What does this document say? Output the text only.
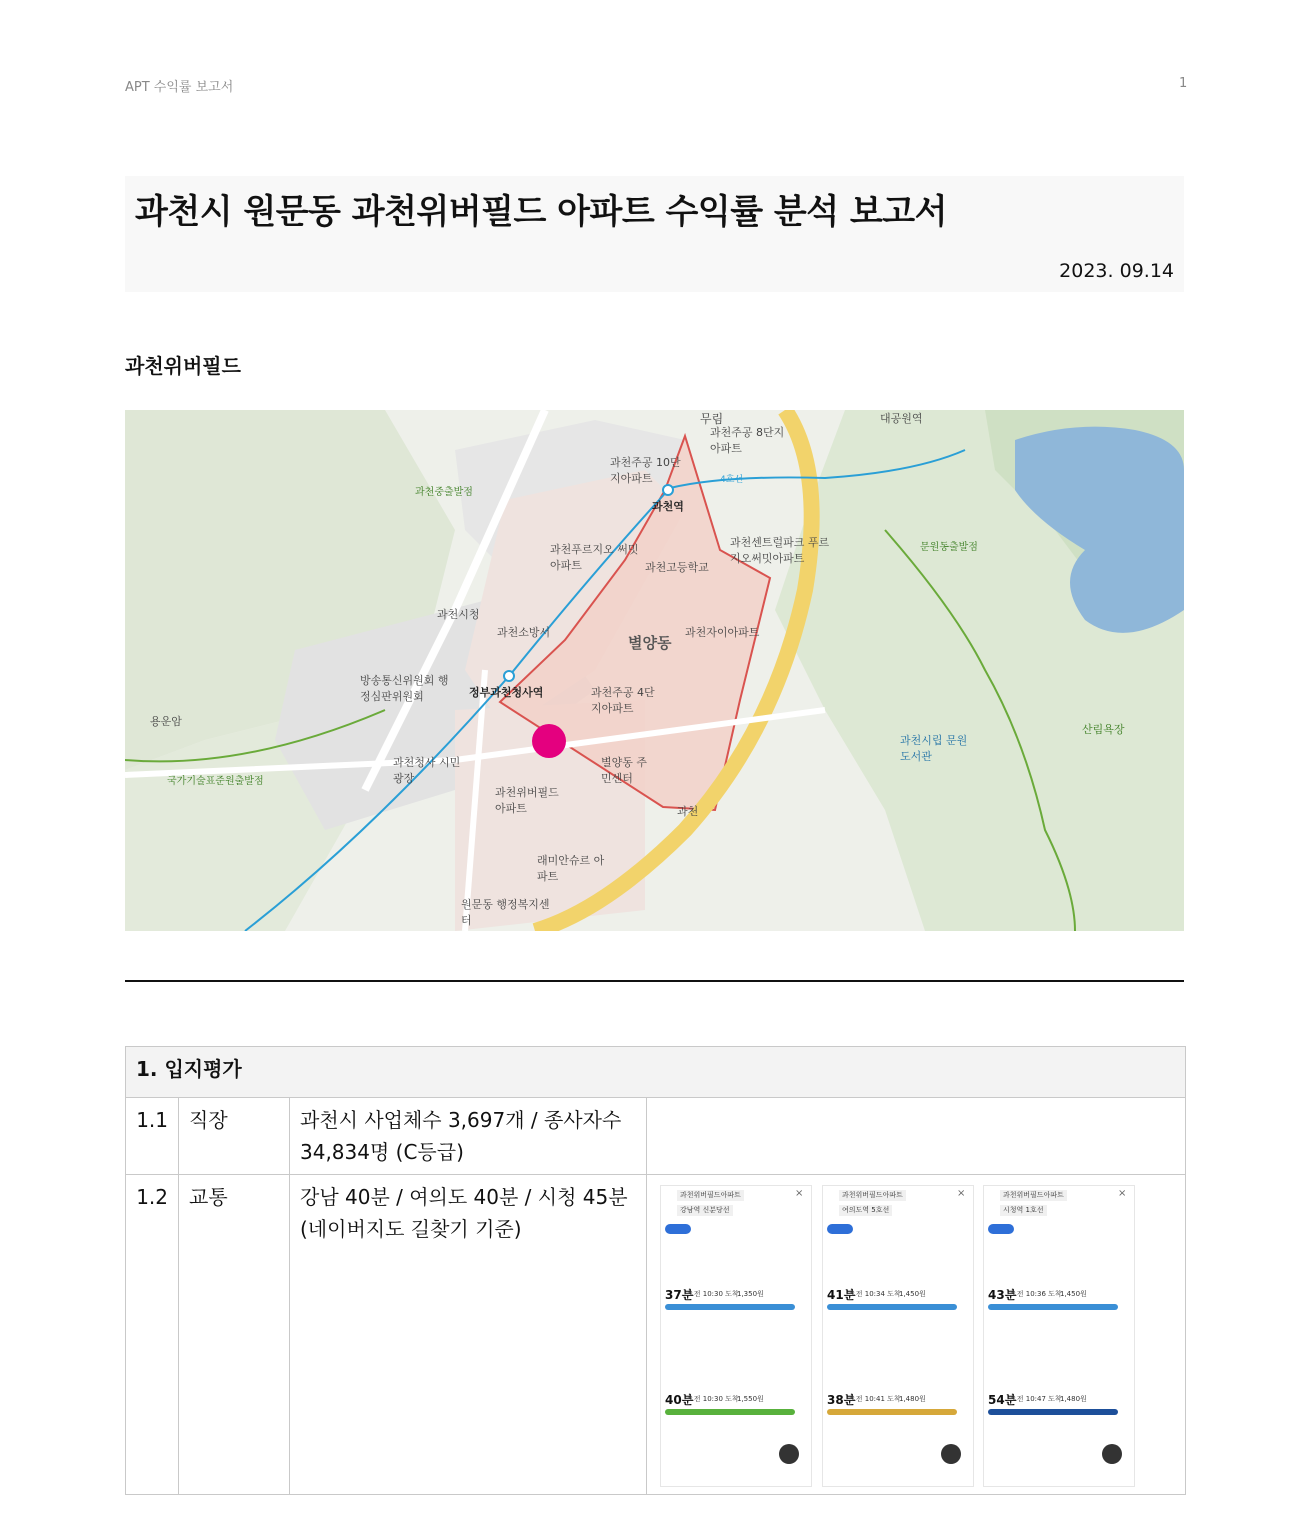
APT 수익률 보고서	1
과천시 원문동 과천위버필드 아파트 수익률 분석 보고서
2023. 09.14
과천위버필드
무림	대공원역
과천주공 8단지아파트
과천주공 10단지아파트
과천역
과천중출발점
과천푸르지오 써밋아파트	과천고등학교
과천센트럴파크 푸르지오써밋아파트
문원동출발점
과천시청
과천소방서
별양동
과천자이아파트
방송통신위원회 행정심판위원회	정부과천청사역	과천주공 4단지아파트
용운암
과천청사 시민광장
별양동 주민센터
국가기술표준원출발점
과천위버필드 아파트	과천
과천시립 문원도서관
산림욕장
래미안슈르 아파트
원문동 행정복지센터
4호선
1. 입지평가			
1.1	직장	과천시 사업체수 3,697개 / 종사자수 34,834명 (C등급)	
1.2	교통	강남 40분 / 여의도 40분 / 시청 45분
(네이버지도 길찾기 기준)	

과천위버필드아파트
강남역 신분당선
37분
오전 10:30 도착
1,350원
40분
오전 10:30 도착
1,550원
×	과천위버필드아파트
여의도역 5호선
41분
오전 10:34 도착
1,450원
38분
오전 10:41 도착
1,480원
×	과천위버필드아파트
시청역 1호선
43분
오전 10:36 도착
1,450원
54분
오전 10:47 도착
1,480원
×
